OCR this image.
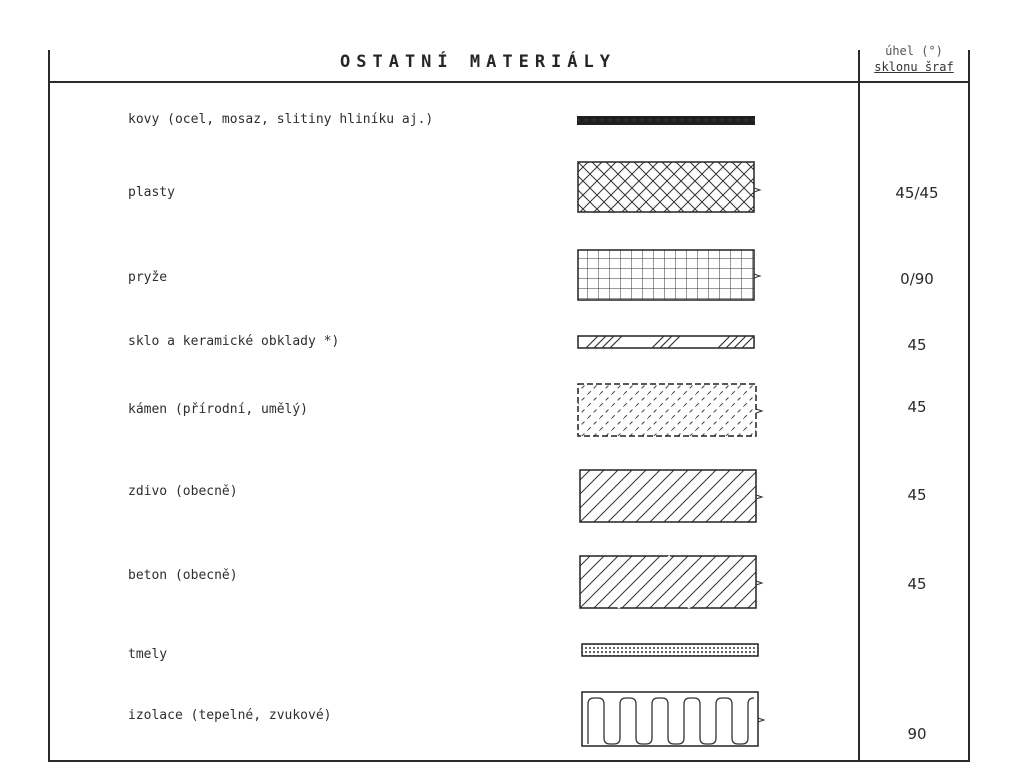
OSTATNÍ MATERIÁLY
úhel (°)
sklonu šraf
kovy (ocel, mosaz, slitiny hliníku aj.)
plasty
pryže
sklo a keramické obklady *)
kámen (přírodní, umělý)
zdivo (obecně)
beton (obecně)
tmely
izolace (tepelné, zvukové)
45/45
0/90
45
45
45
45
90
